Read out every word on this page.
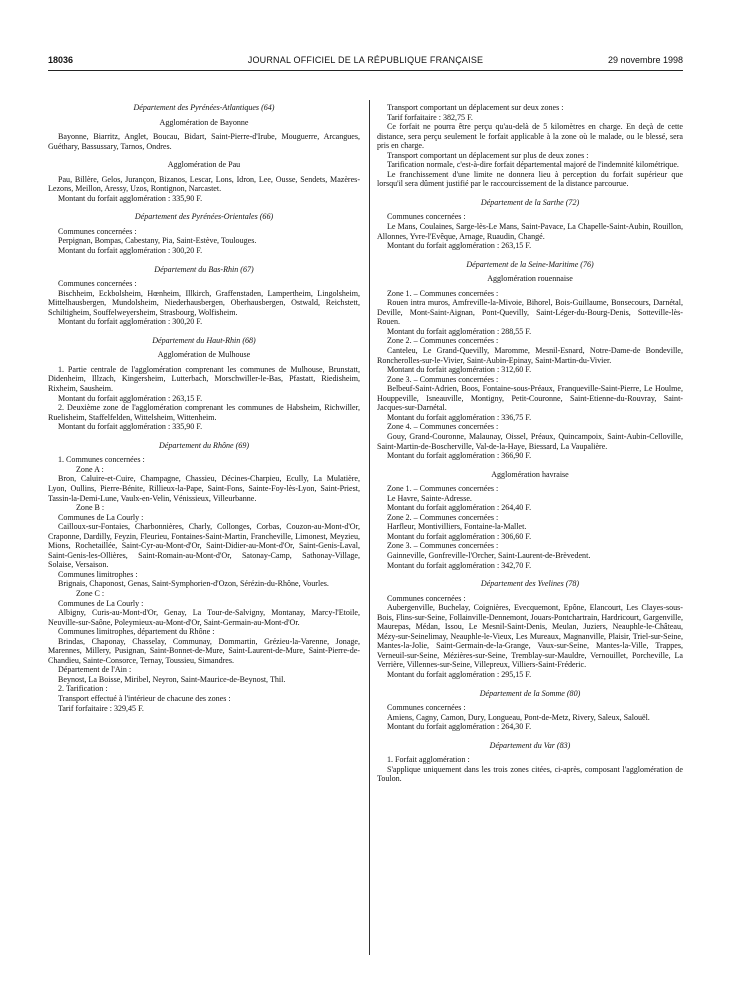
18036	JOURNAL OFFICIEL DE LA RÉPUBLIQUE FRANÇAISE	29 novembre 1998

Département des Pyrénées-Atlantiques (64)

Agglomération de Bayonne

Bayonne, Biarritz, Anglet, Boucau, Bidart, Saint-Pierre-d'Irube, Mouguerre, Arcangues, Guéthary, Bassussary, Tarnos, Ondres.

Agglomération de Pau

Pau, Billère, Gelos, Jurançon, Bizanos, Lescar, Lons, Idron, Lee, Ousse, Sendets, Mazères-Lezons, Meillon, Aressy, Uzos, Rontignon, Narcastet.

Montant du forfait agglomération : 335,90 F.

Département des Pyrénées-Orientales (66)

Communes concernées :

Perpignan, Bompas, Cabestany, Pia, Saint-Estève, Toulouges.

Montant du forfait agglomération : 300,20 F.

Département du Bas-Rhin (67)

Communes concernées :

Bischheim, Eckbolsheim, Hœnheim, Illkirch, Graffenstaden, Lampertheim, Lingolsheim, Mittelhausbergen, Mundolsheim, Niederhausbergen, Oberhausbergen, Ostwald, Reichstett, Schiltigheim, Souffelweyersheim, Strasbourg, Wolfisheim.

Montant du forfait agglomération : 300,20 F.

Département du Haut-Rhin (68)

Agglomération de Mulhouse

1. Partie centrale de l'agglomération comprenant les communes de Mulhouse, Brunstatt, Didenheim, Illzach, Kingersheim, Lutterbach, Morschwiller-le-Bas, Pfastatt, Riedisheim, Rixheim, Sausheim.

Montant du forfait agglomération : 263,15 F.

2. Deuxième zone de l'agglomération comprenant les communes de Habsheim, Richwiller, Ruelisheim, Staffelfelden, Wittelsheim, Wittenheim.

Montant du forfait agglomération : 335,90 F.

Département du Rhône (69)

1. Communes concernées :

Zone A :

Bron, Caluire-et-Cuire, Champagne, Chassieu, Décines-Charpieu, Ecully, La Mulatière, Lyon, Oullins, Pierre-Bénite, Rillieux-la-Pape, Saint-Fons, Sainte-Foy-lès-Lyon, Saint-Priest, Tassin-la-Demi-Lune, Vaulx-en-Velin, Vénissieux, Villeurbanne.

Zone B :

Communes de La Courly :

Cailloux-sur-Fontaies, Charbonnières, Charly, Collonges, Corbas, Couzon-au-Mont-d'Or, Craponne, Dardilly, Feyzin, Fleurieu, Fontaines-Saint-Martin, Francheville, Limonest, Meyzieu, Mions, Rochetaillée, Saint-Cyr-au-Mont-d'Or, Saint-Didier-au-Mont-d'Or, Saint-Genis-Laval, Saint-Genis-les-Ollières, Saint-Romain-au-Mont-d'Or, Satonay-Camp, Sathonay-Village, Solaise, Versaison.

Communes limitrophes :

Brignais, Chaponost, Genas, Saint-Symphorien-d'Ozon, Sérézin-du-Rhône, Vourles.

Zone C :

Communes de La Courly :

Albigny, Curis-au-Mont-d'Or, Genay, La Tour-de-Salvigny, Montanay, Marcy-l'Etoile, Neuville-sur-Saône, Poleymieux-au-Mont-d'Or, Saint-Germain-au-Mont-d'Or.

Communes limitrophes, département du Rhône :

Brindas, Chaponay, Chasselay, Communay, Dommartin, Grézieu-la-Varenne, Jonage, Marennes, Millery, Pusignan, Saint-Bonnet-de-Mure, Saint-Laurent-de-Mure, Saint-Pierre-de-Chandieu, Sainte-Consorce, Ternay, Toussieu, Simandres.

Département de l'Ain :

Beynost, La Boisse, Miribel, Neyron, Saint-Maurice-de-Beynost, Thil.

2. Tarification :

Transport effectué à l'intérieur de chacune des zones :

Tarif forfaitaire : 329,45 F.

Transport comportant un déplacement sur deux zones :

Tarif forfaitaire : 382,75 F.

Ce forfait ne pourra être perçu qu'au-delà de 5 kilomètres en charge. En deçà de cette distance, sera perçu seulement le forfait applicable à la zone où le malade, ou le blessé, sera pris en charge.

Transport comportant un déplacement sur plus de deux zones :

Tarification normale, c'est-à-dire forfait départemental majoré de l'indemnité kilométrique.

Le franchissement d'une limite ne donnera lieu à perception du forfait supérieur que lorsqu'il sera dûment justifié par le raccourcissement de la distance parcourue.

Département de la Sarthe (72)

Communes concernées :

Le Mans, Coulaines, Sarge-lès-Le Mans, Saint-Pavace, La Chapelle-Saint-Aubin, Rouillon, Allonnes, Yvre-l'Evêque, Arnage, Ruaudin, Changé.

Montant du forfait agglomération : 263,15 F.

Département de la Seine-Maritime (76)

Agglomération rouennaise

Zone 1. – Communes concernées :

Rouen intra muros, Amfreville-la-Mivoie, Bihorel, Bois-Guillaume, Bonsecours, Darnétal, Deville, Mont-Saint-Aignan, Pont-Quevilly, Saint-Léger-du-Bourg-Denis, Sotteville-lès-Rouen.

Montant du forfait agglomération : 288,55 F.

Zone 2. – Communes concernées :

Canteleu, Le Grand-Quevilly, Maromme, Mesnil-Esnard, Notre-Dame-de Bondeville, Roncherolles-sur-le-Vivier, Saint-Aubin-Epinay, Saint-Martin-du-Vivier.

Montant du forfait agglomération : 312,60 F.

Zone 3. – Communes concernées :

Belbeuf-Saint-Adrien, Boos, Fontaine-sous-Préaux, Franqueville-Saint-Pierre, Le Houlme, Houppeville, Isneauville, Montigny, Petit-Couronne, Saint-Etienne-du-Rouvray, Saint-Jacques-sur-Darnétal.

Montant du forfait agglomération : 336,75 F.

Zone 4. – Communes concernées :

Gouy, Grand-Couronne, Malaunay, Oissel, Préaux, Quincampoix, Saint-Aubin-Celloville, Saint-Martin-de-Boscherville, Val-de-la-Haye, Biessard, La Vaupalière.

Montant du forfait agglomération : 366,90 F.

Agglomération havraise

Zone 1. – Communes concernées :

Le Havre, Sainte-Adresse.

Montant du forfait agglomération : 264,40 F.

Zone 2. – Communes concernées :

Harfleur, Montivilliers, Fontaine-la-Mallet.

Montant du forfait agglomération : 306,60 F.

Zone 3. – Communes concernées :

Gainneville, Gonfreville-l'Orcher, Saint-Laurent-de-Brèvedent.

Montant du forfait agglomération : 342,70 F.

Département des Yvelines (78)

Communes concernées :

Aubergenville, Buchelay, Coignières, Evecquemont, Epône, Elancourt, Les Clayes-sous-Bois, Flins-sur-Seine, Follainville-Dennemont, Jouars-Pontchartrain, Hardricourt, Gargenville, Maurepas, Médan, Issou, Le Mesnil-Saint-Denis, Meulan, Juziers, Neauphle-le-Château, Mézy-sur-Seinelimay, Neauphle-le-Vieux, Les Mureaux, Magnanville, Plaisir, Triel-sur-Seine, Mantes-la-Jolie, Saint-Germain-de-la-Grange, Vaux-sur-Seine, Mantes-la-Ville, Trappes, Verneuil-sur-Seine, Mézières-sur-Seine, Tremblay-sur-Mauldre, Vernouillet, Porcheville, La Verrière, Villennes-sur-Seine, Villepreux, Villiers-Saint-Fréderic.

Montant du forfait agglomération : 295,15 F.

Département de la Somme (80)

Communes concernées :

Amiens, Cagny, Camon, Dury, Longueau, Pont-de-Metz, Rivery, Saleux, Salouël.

Montant du forfait agglomération : 264,30 F.

Département du Var (83)

1. Forfait agglomération :

S'applique uniquement dans les trois zones citées, ci-après, composant l'agglomération de Toulon.
